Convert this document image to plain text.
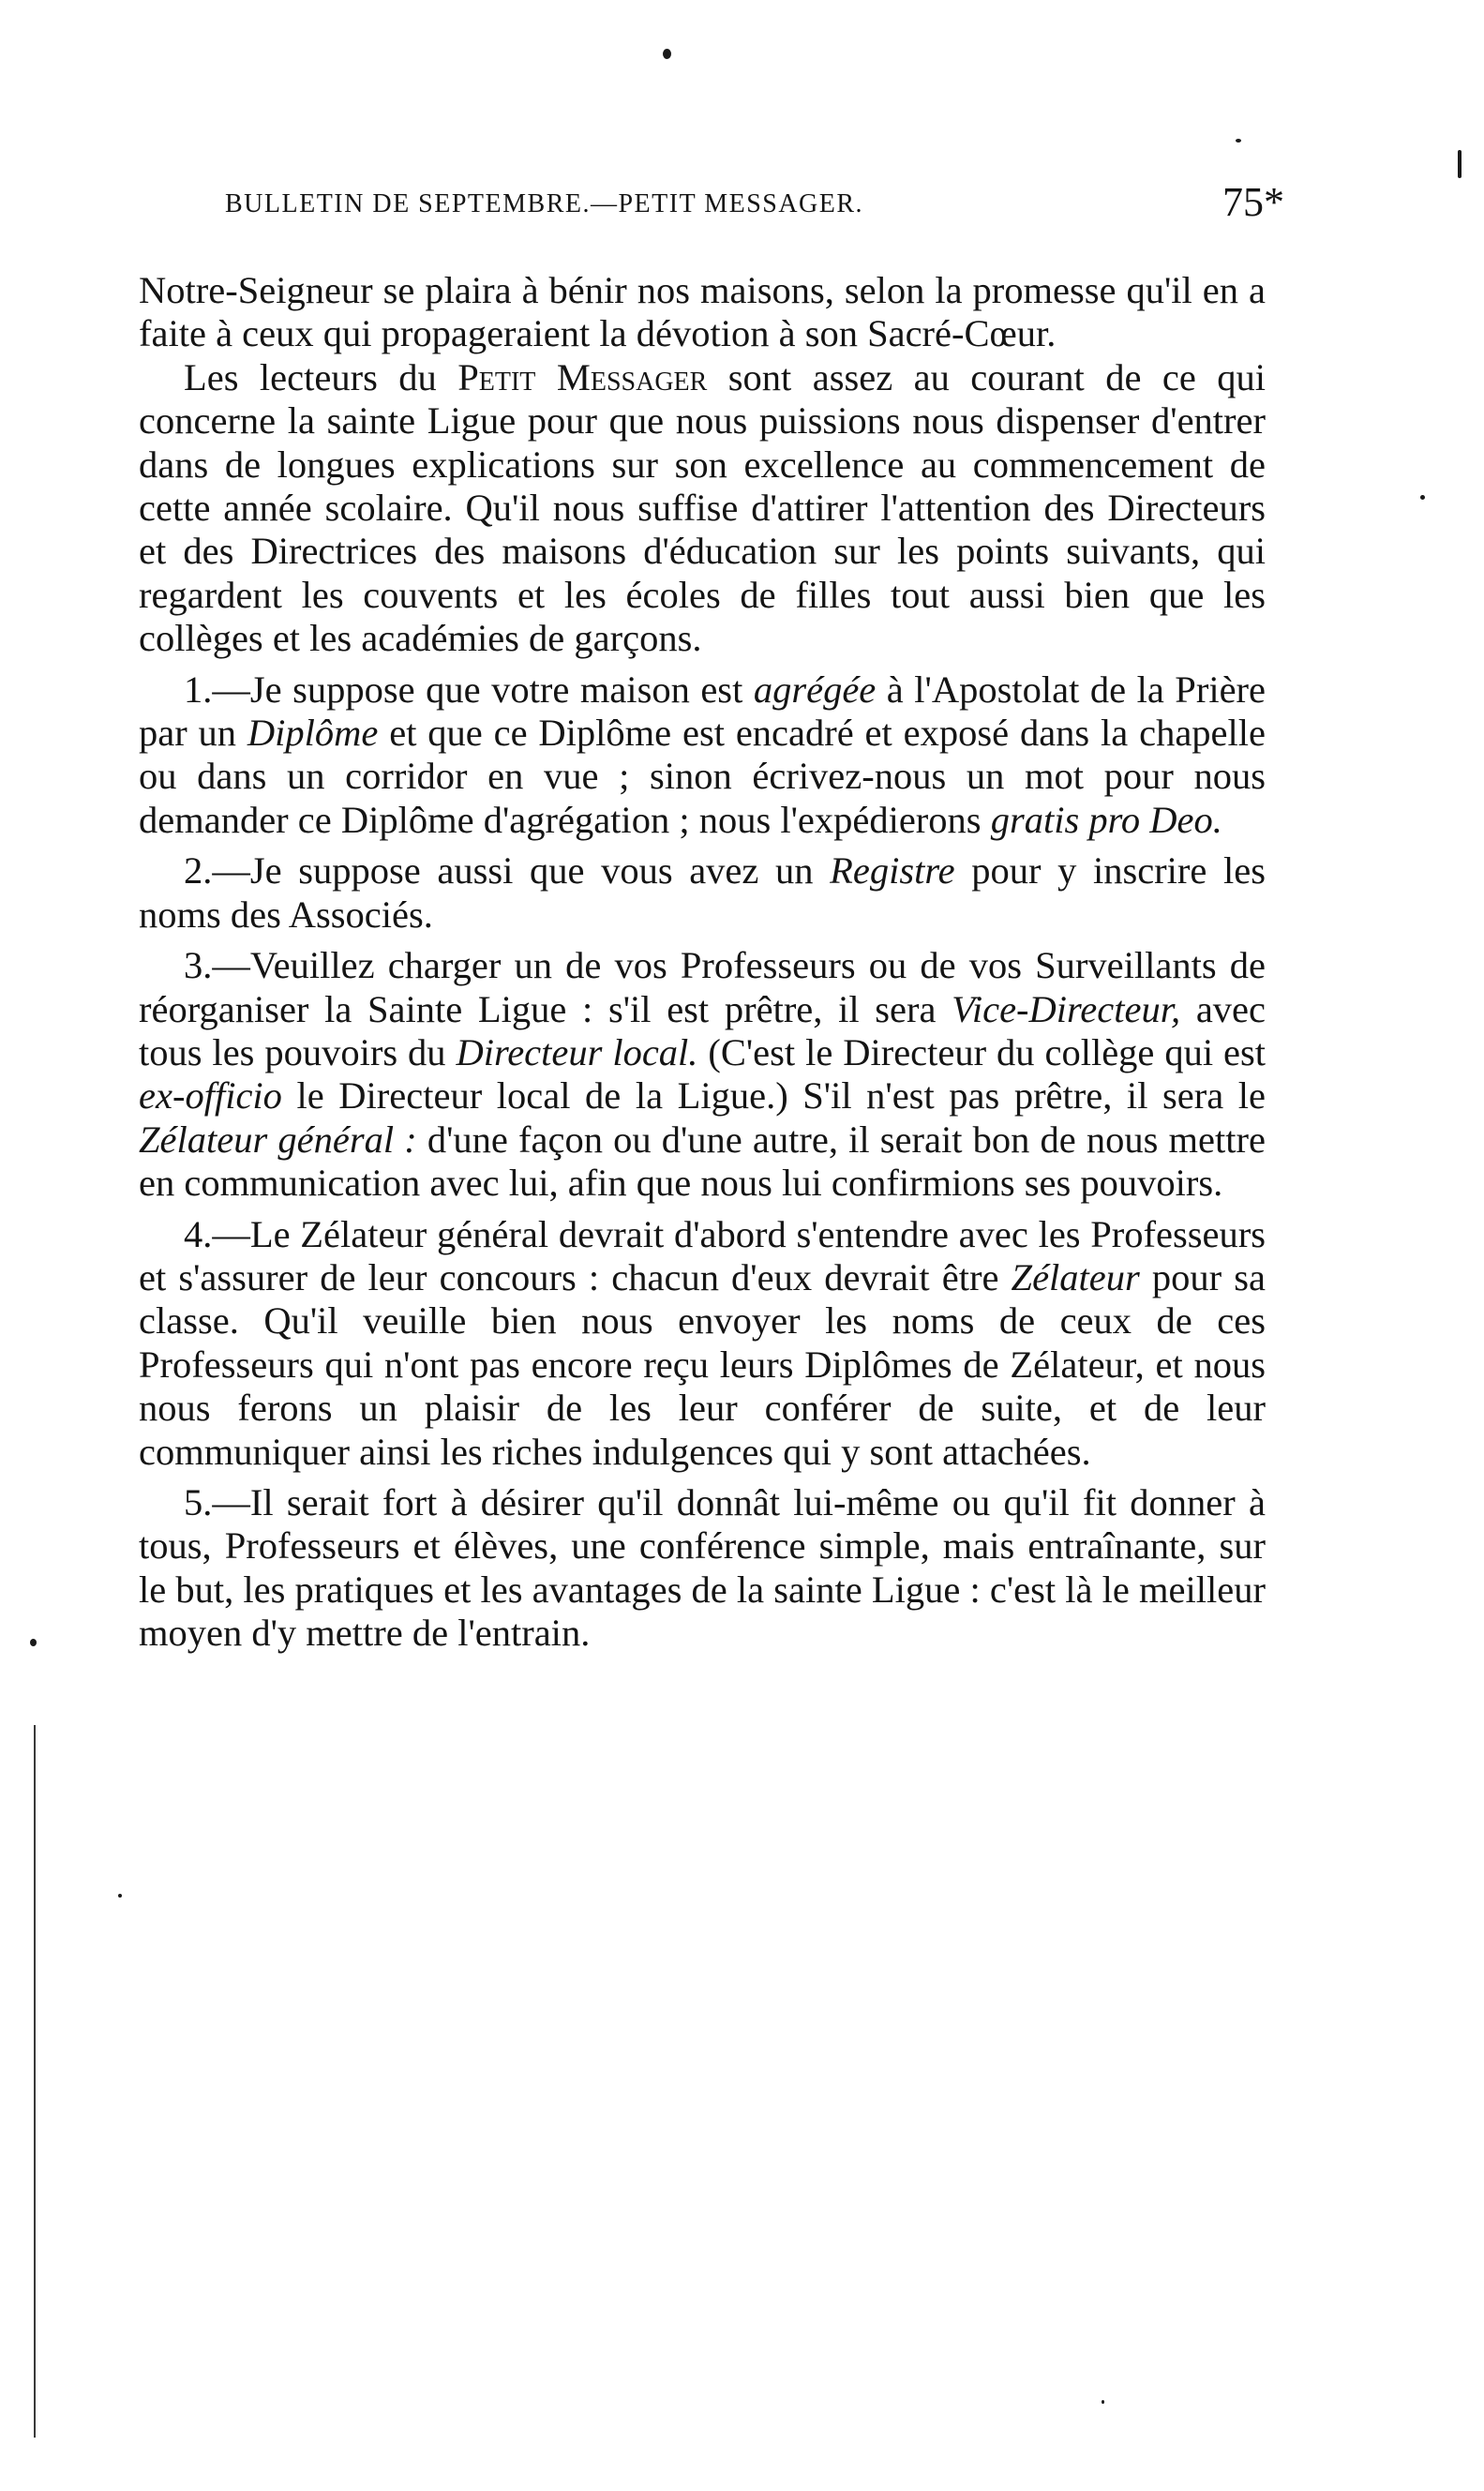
BULLETIN DE SEPTEMBRE.—PETIT MESSAGER.	75*

Notre-Seigneur se plaira à bénir nos maisons, selon la promesse qu'il en a faite à ceux qui propageraient la dévotion à son Sacré-Cœur.

Les lecteurs du Petit Messager sont assez au courant de ce qui concerne la sainte Ligue pour que nous puissions nous dispenser d'entrer dans de longues explications sur son excellence au commencement de cette année scolaire. Qu'il nous suffise d'attirer l'attention des Directeurs et des Directrices des maisons d'éducation sur les points suivants, qui regardent les couvents et les écoles de filles tout aussi bien que les collèges et les académies de garçons.

1.—Je suppose que votre maison est agrégée à l'Apostolat de la Prière par un Diplôme et que ce Diplôme est encadré et exposé dans la chapelle ou dans un corridor en vue ; sinon écrivez-nous un mot pour nous demander ce Diplôme d'agrégation ; nous l'expédierons gratis pro Deo.

2.—Je suppose aussi que vous avez un Registre pour y inscrire les noms des Associés.

3.—Veuillez charger un de vos Professeurs ou de vos Surveillants de réorganiser la Sainte Ligue : s'il est prêtre, il sera Vice-Directeur, avec tous les pouvoirs du Directeur local. (C'est le Directeur du collège qui est ex-officio le Directeur local de la Ligue.) S'il n'est pas prêtre, il sera le Zélateur général : d'une façon ou d'une autre, il serait bon de nous mettre en communication avec lui, afin que nous lui confirmions ses pouvoirs.

4.—Le Zélateur général devrait d'abord s'entendre avec les Professeurs et s'assurer de leur concours : chacun d'eux devrait être Zélateur pour sa classe. Qu'il veuille bien nous envoyer les noms de ceux de ces Professeurs qui n'ont pas encore reçu leurs Diplômes de Zélateur, et nous nous ferons un plaisir de les leur conférer de suite, et de leur communiquer ainsi les riches indulgences qui y sont attachées.

5.—Il serait fort à désirer qu'il donnât lui-même ou qu'il fit donner à tous, Professeurs et élèves, une conférence simple, mais entraînante, sur le but, les pratiques et les avantages de la sainte Ligue : c'est là le meilleur moyen d'y mettre de l'entrain.
